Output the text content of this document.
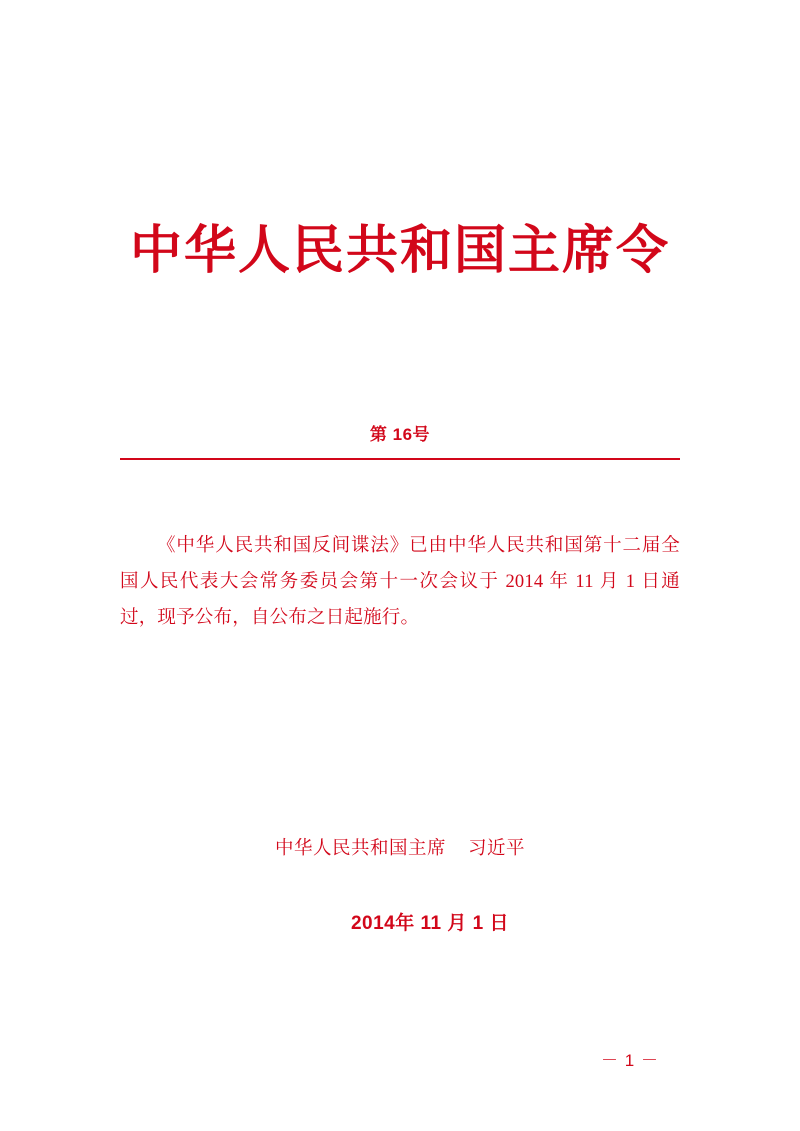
中华人民共和国主席令
第 16号
《中华人民共和国反间谍法》已由中华人民共和国第十二届全国人民代表大会常务委员会第十一次会议于 2014 年 11 月 1 日通过，现予公布，自公布之日起施行。
中华人民共和国主席 习近平
2014年 11 月 1 日
－ 1 －
